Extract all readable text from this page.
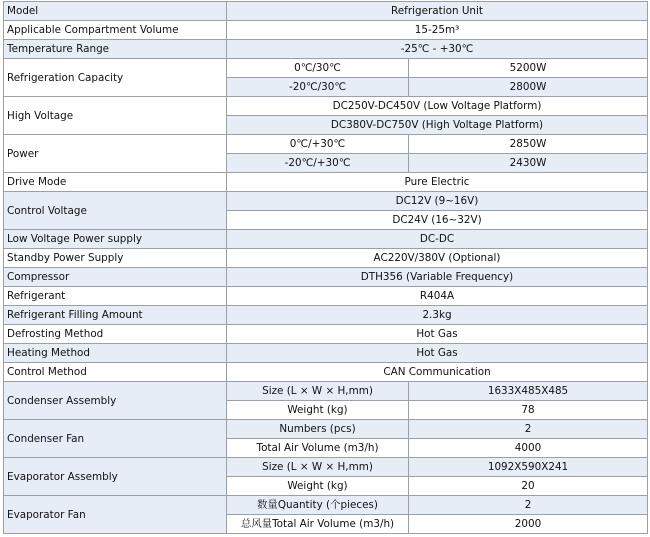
Model	Refrigeration Unit	
Applicable Compartment Volume	15-25m³	
Temperature Range	-25℃ - +30℃	
Refrigeration Capacity	0℃/30℃	5200W
	-20℃/30℃	2800W
High Voltage	DC250V-DC450V (Low Voltage Platform)	
	DC380V-DC750V (High Voltage Platform)	
Power	0℃/+30℃	2850W
	-20℃/+30℃	2430W
Drive Mode	Pure Electric	
Control Voltage	DC12V (9~16V)	
	DC24V (16~32V)	
Low Voltage Power supply	DC-DC	
Standby Power Supply	AC220V/380V (Optional)	
Compressor	DTH356 (Variable Frequency)	
Refrigerant	R404A	
Refrigerant Filling Amount	2.3kg	
Defrosting Method	Hot Gas	
Heating Method	Hot Gas	
Control Method	CAN Communication	
Condenser Assembly	Size (L × W × H,mm)	1633X485X485
	Weight (kg)	78
Condenser Fan	Numbers (pcs)	2
	Total Air Volume (m3/h)	4000
Evaporator Assembly	Size (L × W × H,mm)	1092X590X241
	Weight (kg)	20
Evaporator Fan	数量Quantity (个pieces)	2
	总风量Total Air Volume (m3/h)	2000
